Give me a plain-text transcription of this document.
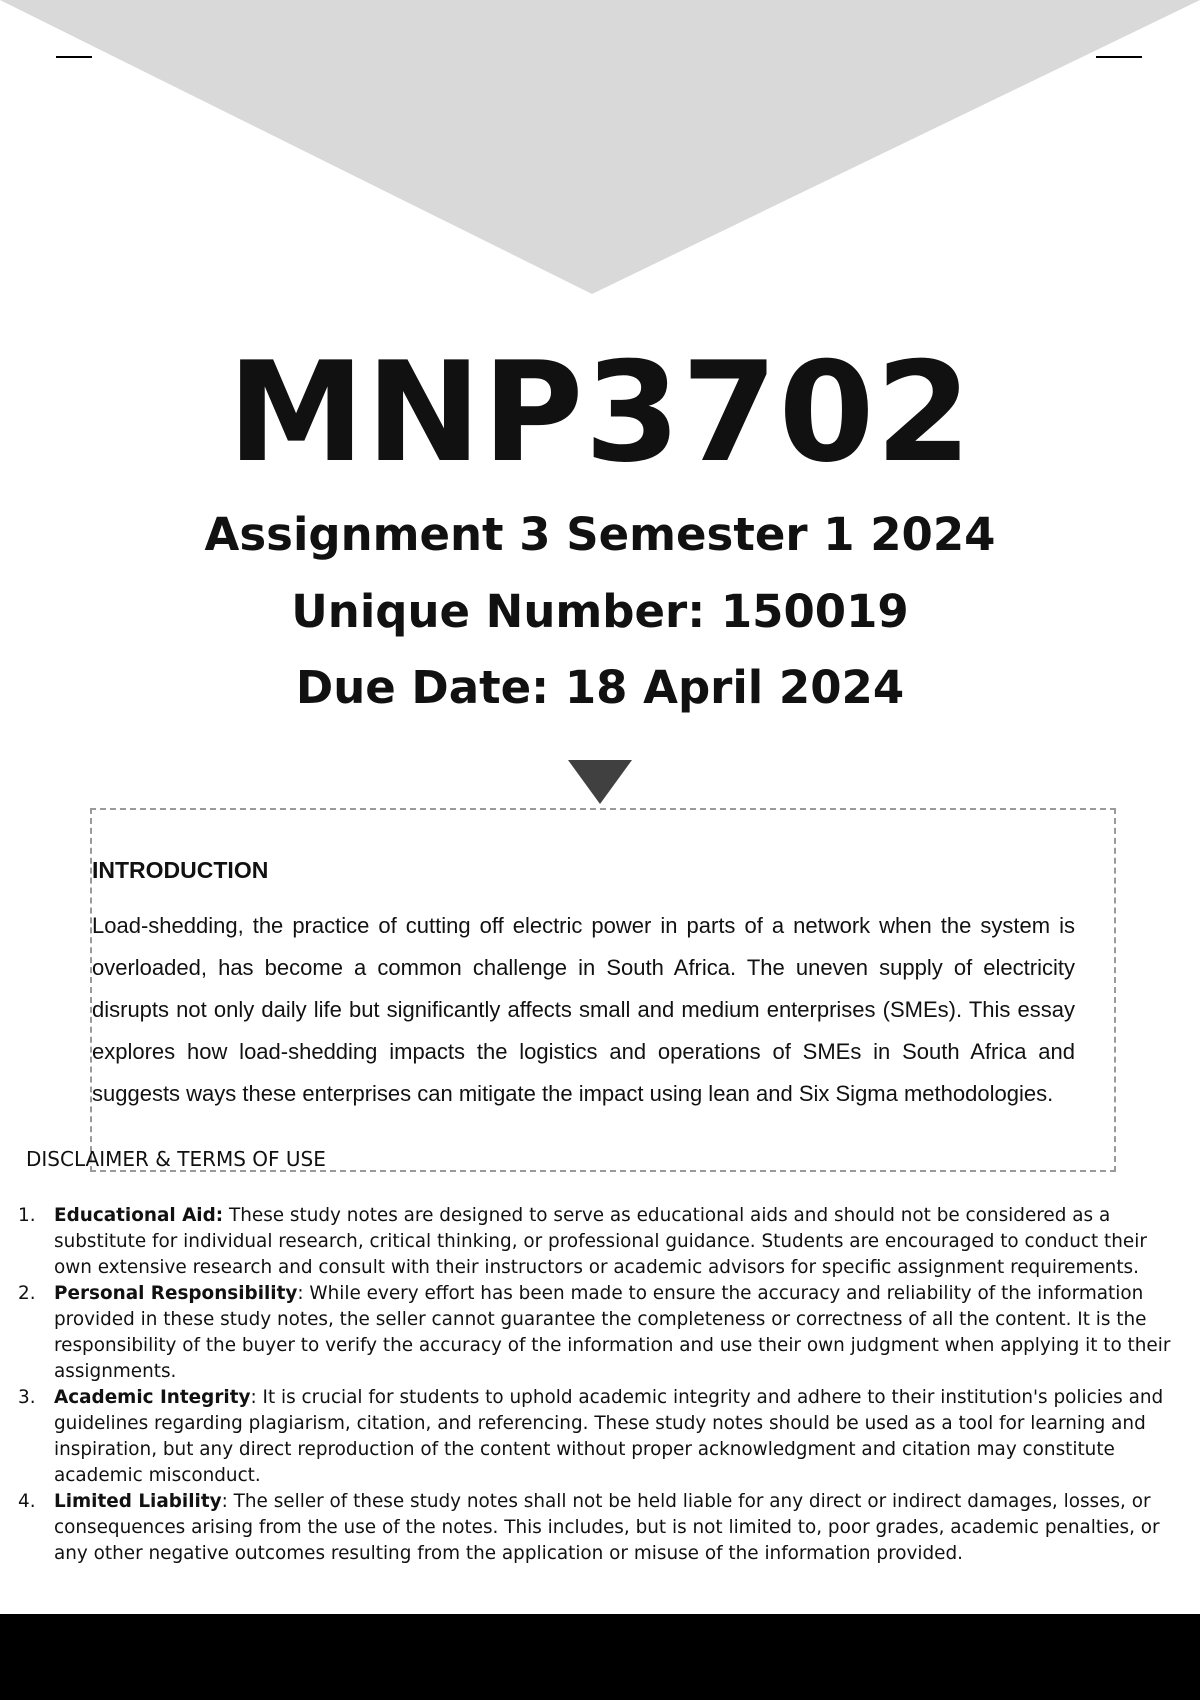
MNP3702
Assignment 3 Semester 1 2024
Unique Number: 150019
Due Date: 18 April 2024
INTRODUCTION

Load-shedding, the practice of cutting off electric power in parts of a network when the system is overloaded, has become a common challenge in South Africa. The uneven supply of electricity disrupts not only daily life but significantly affects small and medium enterprises (SMEs). This essay explores how load-shedding impacts the logistics and operations of SMEs in South Africa and suggests ways these enterprises can mitigate the impact using lean and Six Sigma methodologies.

DISCLAIMER & TERMS OF USE
1. Educational Aid: These study notes are designed to serve as educational aids and should not be considered as a substitute for individual research, critical thinking, or professional guidance. Students are encouraged to conduct their own extensive research and consult with their instructors or academic advisors for specific assignment requirements.
2. Personal Responsibility: While every effort has been made to ensure the accuracy and reliability of the information provided in these study notes, the seller cannot guarantee the completeness or correctness of all the content. It is the responsibility of the buyer to verify the accuracy of the information and use their own judgment when applying it to their assignments.
3. Academic Integrity: It is crucial for students to uphold academic integrity and adhere to their institution's policies and guidelines regarding plagiarism, citation, and referencing. These study notes should be used as a tool for learning and inspiration, but any direct reproduction of the content without proper acknowledgment and citation may constitute academic misconduct.
4. Limited Liability: The seller of these study notes shall not be held liable for any direct or indirect damages, losses, or consequences arising from the use of the notes. This includes, but is not limited to, poor grades, academic penalties, or any other negative outcomes resulting from the application or misuse of the information provided.
